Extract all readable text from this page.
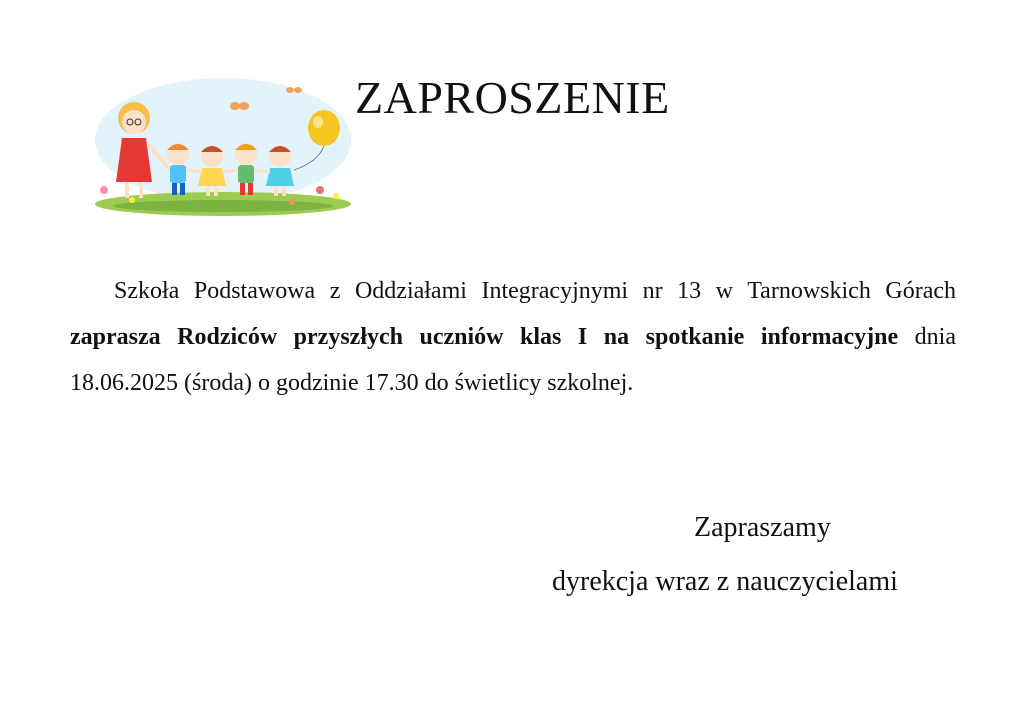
ZAPROSZENIE

Szkoła Podstawowa z Oddziałami Integracyjnymi nr 13 w Tarnowskich Górach zaprasza Rodziców przyszłych uczniów klas I na spotkanie informacyjne dnia 18.06.2025 (środa) o godzinie 17.30 do świetlicy szkolnej.

Zapraszamy

dyrekcja wraz z nauczycielami
